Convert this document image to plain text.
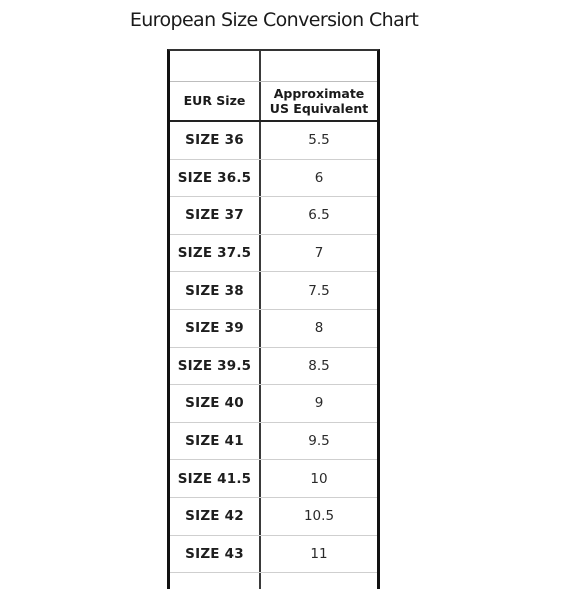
European Size Conversion Chart
EUR Size	Approximate
US Equivalent
SIZE 36	5.5
SIZE 36.5	6
SIZE 37	6.5
SIZE 37.5	7
SIZE 38	7.5
SIZE 39	8
SIZE 39.5	8.5
SIZE 40	9
SIZE 41	9.5
SIZE 41.5	10
SIZE 42	10.5
SIZE 43	11
